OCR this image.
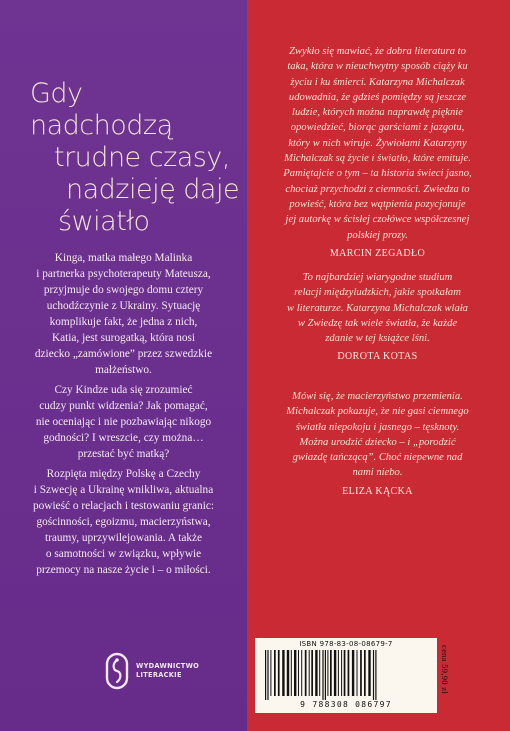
Gdy
nadchodzą
trudne czasy,
nadzieję daje
światło

Kinga, matka małego Malinka
i partnerka psychoterapeuty Mateusza,
przyjmuje do swojego domu cztery
uchodźczynie z Ukrainy. Sytuację
komplikuje fakt, że jedna z nich,
Katia, jest surogatką, która nosi
dziecko „zamówione” przez szwedzkie
małżeństwo.

Czy Kindze uda się zrozumieć
cudzy punkt widzenia? Jak pomagać,
nie oceniając i nie pozbawiając nikogo
godności? I wreszcie, czy można…
przestać być matką?

Rozpięta między Polskę a Czechy
i Szwecję a Ukrainę wnikliwa, aktualna
powieść o relacjach i testowaniu granic:
gościnności, egoizmu, macierzyństwa,
traumy, uprzywilejowania. A także
o samotności w związku, wpływie
przemocy na nasze życie i – o miłości.

WYDAWNICTWO
LITERACKIE
Zwykło się mawiać, że dobra literatura to
taka, która w nieuchwytny sposób ciąży ku
życiu i ku śmierci. Katarzyna Michalczak
udowadnia, że gdzieś pomiędzy są jeszcze
ludzie, których można naprawdę pięknie
opowiedzieć, biorąc garściami z jazgotu,
który w nich wiruje. Żywiołami Katarzyny
Michalczak są życie i światło, które emituje.
Pamiętajcie o tym – ta historia świeci jasno,
chociaż przychodzi z ciemności. Zwiedza to
powieść, która bez wątpienia pozycjonuje
jej autorkę w ścisłej czołówce współczesnej
polskiej prozy.
MARCIN ZEGADŁO
To najbardziej wiarygodne studium
relacji międzyludzkich, jakie spotkałam
w literaturze. Katarzyna Michalczak wlała
w Zwiedzę tak wiele światła, że każde
zdanie w tej książce lśni.
DOROTA KOTAS
Mówi się, że macierzyństwo przemienia.
Michalczak pokazuje, że nie gasi ciemnego
światła niepokoju i jasnego – tęsknoty.
Można urodzić dziecko – i „porodzić
gwiazdę tańczącą”. Choć niepewne nad
nami niebo.
ELIZA KĄCKA
ISBN 978-83-08-08679-7
9 788308 086797
cena 59,90 zł
